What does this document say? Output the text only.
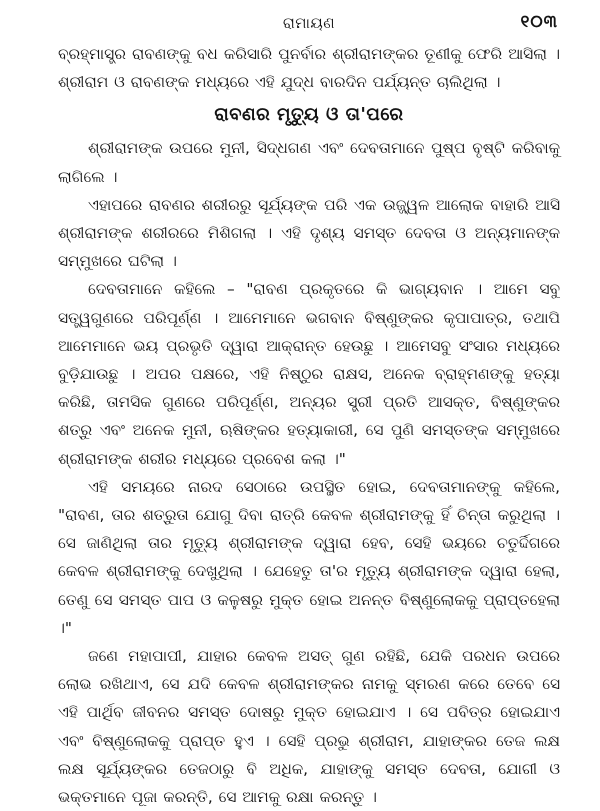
ରାମାୟଣ	୧୦୩

ବ୍ରହ୍ମାସ୍ତ୍ର ରାବଣଙ୍କୁ ବଧ କରିସାରି ପୁନର୍ବାର ଶ୍ରୀରାମଙ୍କର ତୂଣୀକୁ ଫେରି ଆସିଲା । ଶ୍ରୀରାମ ଓ ରାବଣଙ୍କ ମଧ୍ୟରେ ଏହି ଯୁଦ୍ଧ ବାରଦିନ ପର୍ଯ୍ୟନ୍ତ ଚାଲିଥିଲା ।

ରାବଣର ମୃତ୍ୟୁ ଓ ତା'ପରେ

ଶ୍ରୀରାମଙ୍କ ଉପରେ ମୁନୀ, ସିଦ୍ଧଗଣ ଏବଂ ଦେବତାମାନେ ପୁଷ୍ପ ବୃଷ୍ଟି କରିବାକୁ ଲାଗିଲେ ।

ଏହାପରେ ରାବଣର ଶରୀରରୁ ସୂର୍ଯ୍ୟଙ୍କ ପରି ଏକ ଉଜ୍ଜ୍ୱଳ ଆଲୋକ ବାହାରି ଆସି ଶ୍ରୀରାମଙ୍କ ଶରୀରରେ ମିଶିଗଲା । ଏହି ଦୃଶ୍ୟ ସମସ୍ତ ଦେବତା ଓ ଅନ୍ୟମାନଙ୍କ ସମ୍ମୁଖରେ ଘଟିଲା ।

ଦେବତାମାନେ କହିଲେ – "ରାବଣ ପ୍ରକୃତରେ କି ଭାଗ୍ୟବାନ । ଆମେ ସବୁ ସତ୍ତ୍ୱଗୁଣରେ ପରିପୂର୍ଣ୍ଣ । ଆମେମାନେ ଭଗବାନ ବିଷ୍ଣୁଙ୍କର କୃପାପାତ୍ର, ତଥାପି ଆମେମାନେ ଭୟ ପ୍ରଭୃତି ଦ୍ୱାରା ଆକ୍ରାନ୍ତ ହେଉଛୁ । ଆମେସବୁ ସଂସାର ମଧ୍ୟରେ ବୁଡ଼ିଯାଉଛୁ । ଅପର ପକ୍ଷରେ, ଏହି ନିଷ୍ଠୁର ରାକ୍ଷସ, ଅନେକ ବ୍ରାହ୍ମଣଙ୍କୁ ହତ୍ୟା କରିଛି, ତାମସିକ ଗୁଣରେ ପରିପୂର୍ଣ୍ଣ, ଅନ୍ୟର ସ୍ତ୍ରୀ ପ୍ରତି ଆସକ୍ତ, ବିଷ୍ଣୁଙ୍କର ଶତ୍ରୁ ଏବଂ ଅନେକ ମୁନୀ, ଋଷିଙ୍କର ହତ୍ୟାକାରୀ, ସେ ପୁଣି ସମସ୍ତଙ୍କ ସମ୍ମୁଖରେ ଶ୍ରୀରାମଙ୍କ ଶରୀର ମଧ୍ୟରେ ପ୍ରବେଶ କଲା ।"

ଏହି ସମୟରେ ନାରଦ ସେଠାରେ ଉପସ୍ଥିତ ହୋଇ, ଦେବତାମାନଙ୍କୁ କହିଲେ, "ରାବଣ, ତାର ଶତ୍ରୁତା ଯୋଗୁ ଦିବା ରାତ୍ରି କେବଳ ଶ୍ରୀରାମଙ୍କୁ ହିଁ ଚିନ୍ତା କରୁଥିଲା । ସେ ଜାଣିଥିଲା ତାର ମୃତ୍ୟୁ ଶ୍ରୀରାମଙ୍କ ଦ୍ୱାରା ହେବ, ସେହି ଭୟରେ ଚତୁର୍ଦ୍ଦିଗରେ କେବଳ ଶ୍ରୀରାମଙ୍କୁ ଦେଖୁଥିଲା । ଯେହେତୁ ତା'ର ମୃତ୍ୟୁ ଶ୍ରୀରାମଙ୍କ ଦ୍ୱାରା ହେଲା, ତେଣୁ ସେ ସମସ୍ତ ପାପ ଓ କଳୁଷରୁ ମୁକ୍ତ ହୋଇ ଅନନ୍ତ ବିଷ୍ଣୁଲୋକକୁ ପ୍ରାପ୍ତହେଲା ।"

ଜଣେ ମହାପାପୀ, ଯାହାର କେବଳ ଅସତ୍ ଗୁଣ ରହିଛି, ଯେକି ପରଧନ ଉପରେ ଲୋଭ ରଖିଥାଏ, ସେ ଯଦି କେବଳ ଶ୍ରୀରାମଙ୍କର ନାମକୁ ସ୍ମରଣ କରେ ତେବେ ସେ ଏହି ପାର୍ଥିବ ଜୀବନର ସମସ୍ତ ଦୋଷରୁ ମୁକ୍ତ ହୋଇଯାଏ । ସେ ପବିତ୍ର ହୋଇଯାଏ ଏବଂ ବିଷ୍ଣୁଲୋକକୁ ପ୍ରାପ୍ତ ହୁଏ । ସେହି ପ୍ରଭୁ ଶ୍ରୀରାମ, ଯାହାଙ୍କର ତେଜ ଲକ୍ଷ ଲକ୍ଷ ସୂର୍ଯ୍ୟଙ୍କର ତେଜଠାରୁ ବି ଅଧିକ, ଯାହାଙ୍କୁ ସମସ୍ତ ଦେବତା, ଯୋଗୀ ଓ ଭକ୍ତମାନେ ପୂଜା କରନ୍ତି, ସେ ଆମକୁ ରକ୍ଷା କରନ୍ତୁ ।
